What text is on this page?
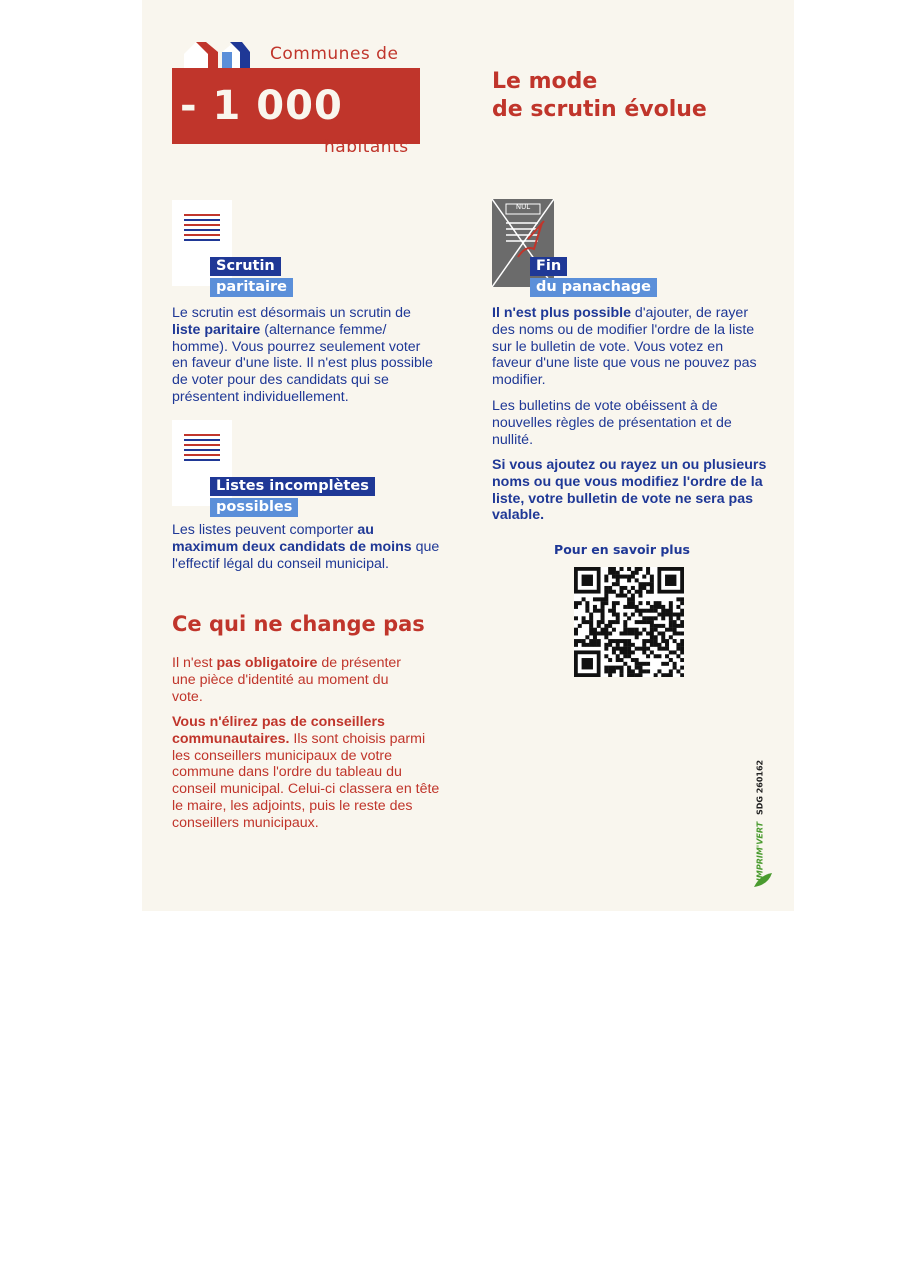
Communes de
- 1 000
habitants
Le mode
de scrutin évolue
Scrutin
paritaire
Le scrutin est désormais un scrutin de liste paritaire (alternance femme/ homme). Vous pourrez seulement voter en faveur d'une liste. Il n'est plus possible de voter pour des candidats qui se présentent individuellement.
Listes incomplètes
possibles
Les listes peuvent comporter au maximum deux candidats de moins que l'effectif légal du conseil municipal.
Ce qui ne change pas
Il n'est pas obligatoire de présenter une pièce d'identité au moment du vote.
Vous n'élirez pas de conseillers communautaires. Ils sont choisis parmi les conseillers municipaux de votre commune dans l'ordre du tableau du conseil municipal. Celui-ci classera en tête le maire, les adjoints, puis le reste des conseillers municipaux.
NUL
Fin
du panachage
Il n'est plus possible d'ajouter, de rayer des noms ou de modifier l'ordre de la liste sur le bulletin de vote. Vous votez en faveur d'une liste que vous ne pouvez pas modifier.
Les bulletins de vote obéissent à de nouvelles règles de présentation et de nullité.
Si vous ajoutez ou rayez un ou plusieurs noms ou que vous modifiez l'ordre de la liste, votre bulletin de vote ne sera pas valable.
Pour en savoir plus
IMPRIM'VERT SDG 260162
